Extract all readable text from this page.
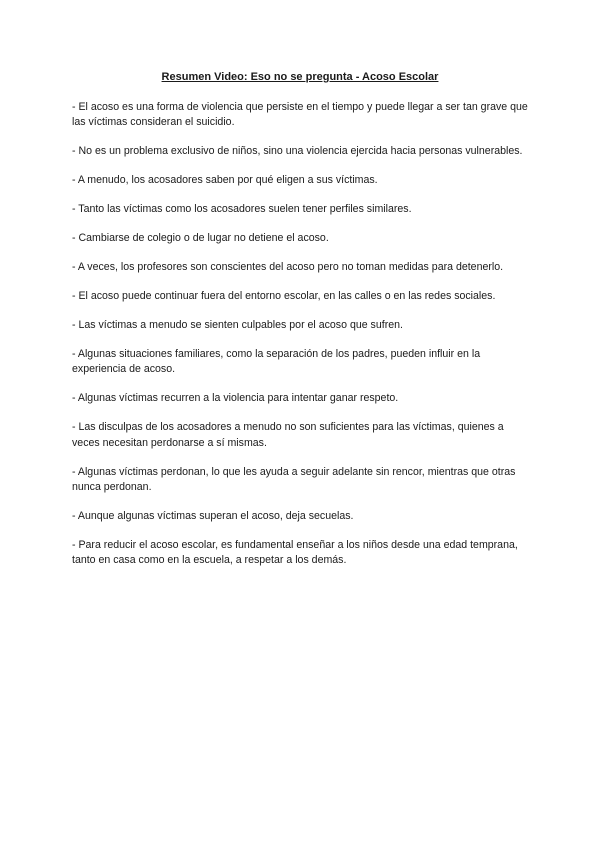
Resumen Video: Eso no se pregunta - Acoso Escolar
- El acoso es una forma de violencia que persiste en el tiempo y puede llegar a ser tan grave que las víctimas consideran el suicidio.
- No es un problema exclusivo de niños, sino una violencia ejercida hacia personas vulnerables.
- A menudo, los acosadores saben por qué eligen a sus víctimas.
- Tanto las víctimas como los acosadores suelen tener perfiles similares.
- Cambiarse de colegio o de lugar no detiene el acoso.
- A veces, los profesores son conscientes del acoso pero no toman medidas para detenerlo.
- El acoso puede continuar fuera del entorno escolar, en las calles o en las redes sociales.
- Las víctimas a menudo se sienten culpables por el acoso que sufren.
- Algunas situaciones familiares, como la separación de los padres, pueden influir en la experiencia de acoso.
- Algunas víctimas recurren a la violencia para intentar ganar respeto.
- Las disculpas de los acosadores a menudo no son suficientes para las víctimas, quienes a veces necesitan perdonarse a sí mismas.
- Algunas víctimas perdonan, lo que les ayuda a seguir adelante sin rencor, mientras que otras nunca perdonan.
- Aunque algunas víctimas superan el acoso, deja secuelas.
- Para reducir el acoso escolar, es fundamental enseñar a los niños desde una edad temprana, tanto en casa como en la escuela, a respetar a los demás.
